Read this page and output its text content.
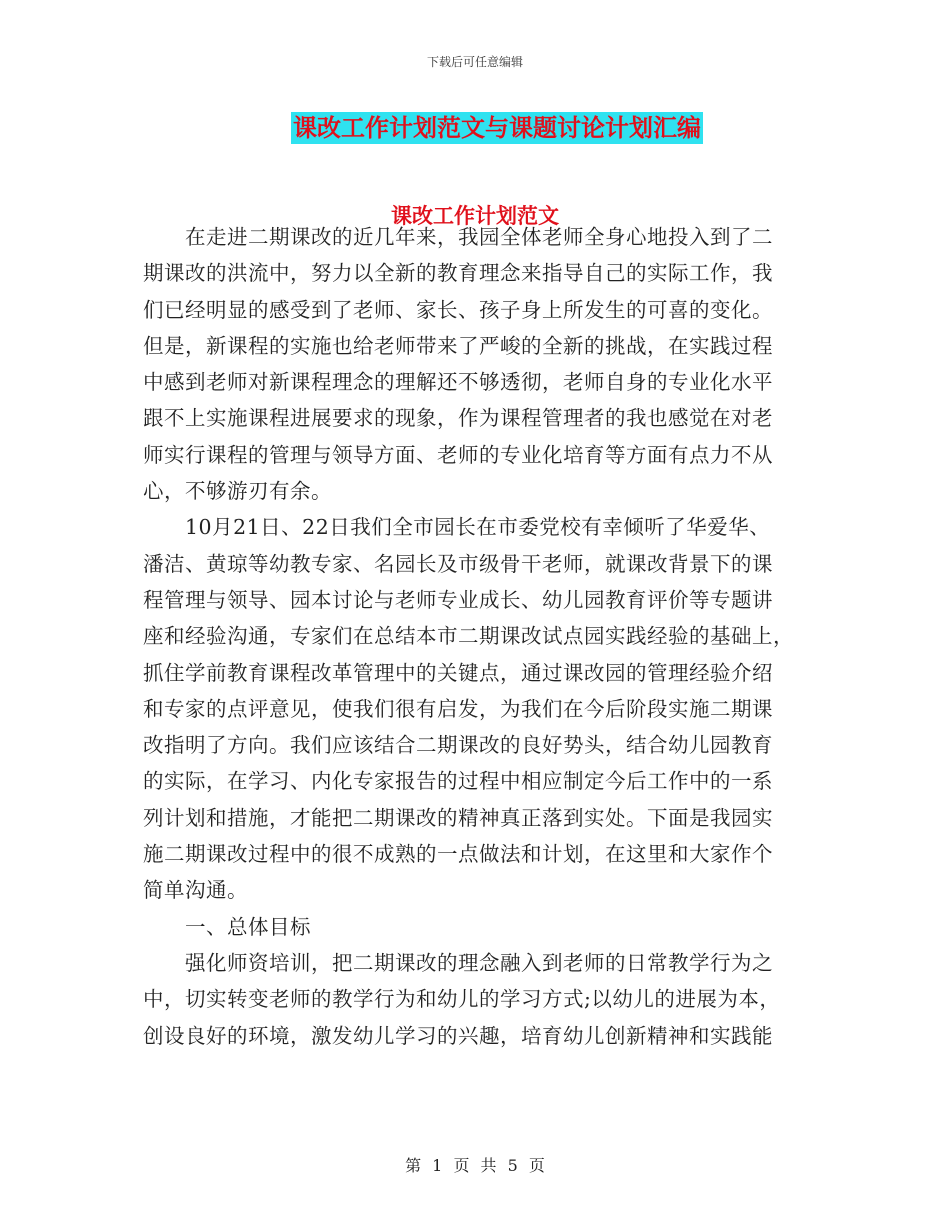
下载后可任意编辑
课改工作计划范文与课题讨论计划汇编
课改工作计划范文
在走进二期课改的近几年来，我园全体老师全身心地投入到了二
期课改的洪流中，努力以全新的教育理念来指导自己的实际工作，我
们已经明显的感受到了老师、家长、孩子身上所发生的可喜的变化。
但是，新课程的实施也给老师带来了严峻的全新的挑战，在实践过程
中感到老师对新课程理念的理解还不够透彻，老师自身的专业化水平
跟不上实施课程进展要求的现象，作为课程管理者的我也感觉在对老
师实行课程的管理与领导方面、老师的专业化培育等方面有点力不从
心，不够游刃有余。
10月21日、22日我们全市园长在市委党校有幸倾听了华爱华、
潘洁、黄琼等幼教专家、名园长及市级骨干老师，就课改背景下的课
程管理与领导、园本讨论与老师专业成长、幼儿园教育评价等专题讲
座和经验沟通，专家们在总结本市二期课改试点园实践经验的基础上，
抓住学前教育课程改革管理中的关键点，通过课改园的管理经验介绍
和专家的点评意见，使我们很有启发，为我们在今后阶段实施二期课
改指明了方向。我们应该结合二期课改的良好势头，结合幼儿园教育
的实际，在学习、内化专家报告的过程中相应制定今后工作中的一系
列计划和措施，才能把二期课改的精神真正落到实处。下面是我园实
施二期课改过程中的很不成熟的一点做法和计划，在这里和大家作个
简单沟通。
一、总体目标
强化师资培训，把二期课改的理念融入到老师的日常教学行为之
中，切实转变老师的教学行为和幼儿的学习方式;以幼儿的进展为本，
创设良好的环境，激发幼儿学习的兴趣，培育幼儿创新精神和实践能
第 1 页 共 5 页
